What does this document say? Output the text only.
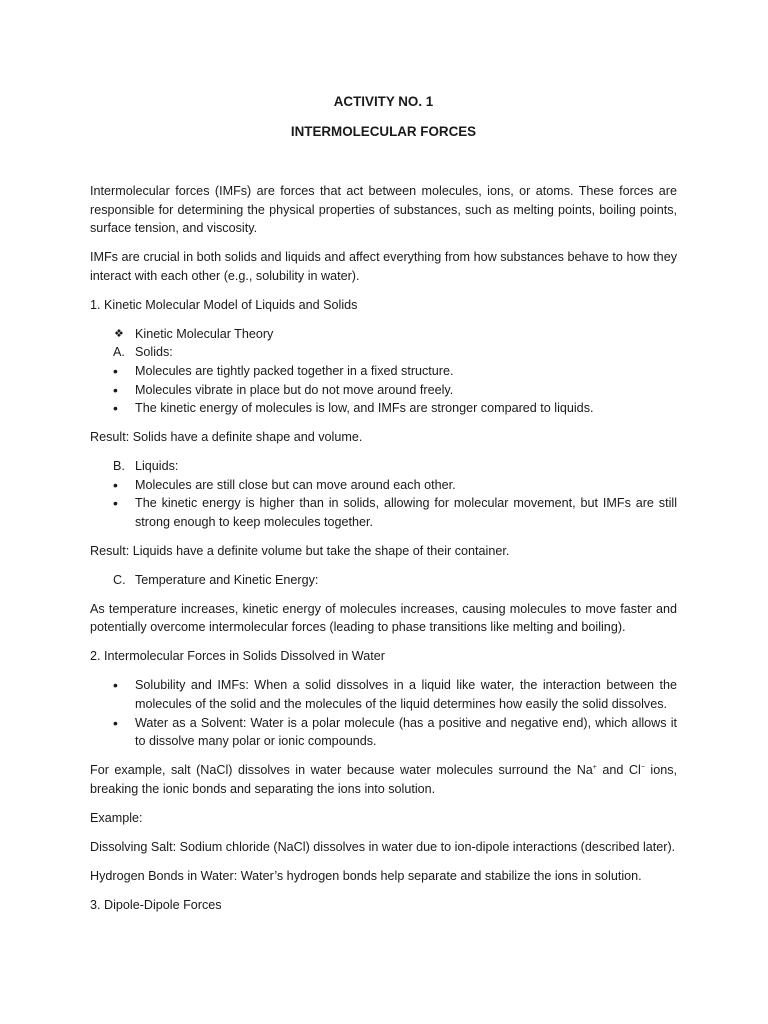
ACTIVITY NO. 1
INTERMOLECULAR FORCES

Intermolecular forces (IMFs) are forces that act between molecules, ions, or atoms. These forces are responsible for determining the physical properties of substances, such as melting points, boiling points, surface tension, and viscosity.

IMFs are crucial in both solids and liquids and affect everything from how substances behave to how they interact with each other (e.g., solubility in water).

1. Kinetic Molecular Model of Liquids and Solids

❖ Kinetic Molecular Theory
A. Solids:
•	Molecules are tightly packed together in a fixed structure.
•	Molecules vibrate in place but do not move around freely.
•	The kinetic energy of molecules is low, and IMFs are stronger compared to liquids.

Result: Solids have a definite shape and volume.

B. Liquids:
•	Molecules are still close but can move around each other.
•	The kinetic energy is higher than in solids, allowing for molecular movement, but IMFs are still strong enough to keep molecules together.

Result: Liquids have a definite volume but take the shape of their container.

C. Temperature and Kinetic Energy:

As temperature increases, kinetic energy of molecules increases, causing molecules to move faster and potentially overcome intermolecular forces (leading to phase transitions like melting and boiling).

2. Intermolecular Forces in Solids Dissolved in Water

•	Solubility and IMFs: When a solid dissolves in a liquid like water, the interaction between the molecules of the solid and the molecules of the liquid determines how easily the solid dissolves.
•	Water as a Solvent: Water is a polar molecule (has a positive and negative end), which allows it to dissolve many polar or ionic compounds.

For example, salt (NaCl) dissolves in water because water molecules surround the Na+ and Cl− ions, breaking the ionic bonds and separating the ions into solution.

Example:

Dissolving Salt: Sodium chloride (NaCl) dissolves in water due to ion-dipole interactions (described later).

Hydrogen Bonds in Water: Water’s hydrogen bonds help separate and stabilize the ions in solution.

3. Dipole-Dipole Forces
